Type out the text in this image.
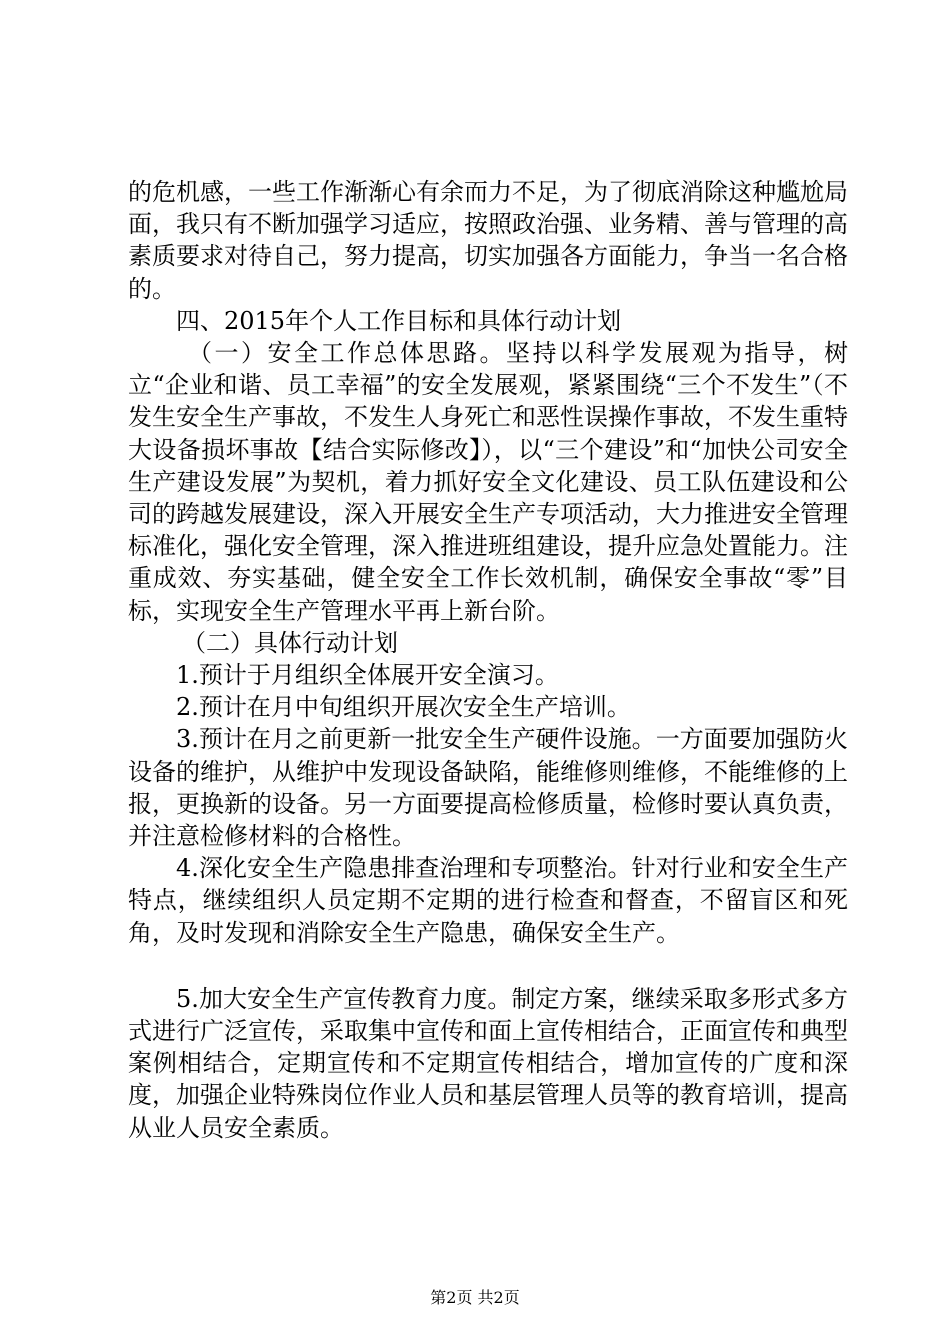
的危机感，一些工作渐渐心有余而力不足，为了彻底消除这种尴尬局面，我只有不断加强学习适应，按照政治强、业务精、善与管理的高素质要求对待自己，努力提高，切实加强各方面能力，争当一名合格的。

四、2015年个人工作目标和具体行动计划

（一）安全工作总体思路。坚持以科学发展观为指导，树立“企业和谐、员工幸福”的安全发展观，紧紧围绕“三个不发生”（不发生安全生产事故，不发生人身死亡和恶性误操作事故，不发生重特大设备损坏事故【结合实际修改】），以“三个建设”和“加快公司安全生产建设发展”为契机，着力抓好安全文化建设、员工队伍建设和公司的跨越发展建设，深入开展安全生产专项活动，大力推进安全管理标准化，强化安全管理，深入推进班组建设，提升应急处置能力。注重成效、夯实基础，健全安全工作长效机制，确保安全事故“零”目标，实现安全生产管理水平再上新台阶。

（二）具体行动计划

1.预计于月组织全体展开安全演习。

2.预计在月中旬组织开展次安全生产培训。

3.预计在月之前更新一批安全生产硬件设施。一方面要加强防火设备的维护，从维护中发现设备缺陷，能维修则维修，不能维修的上报，更换新的设备。另一方面要提高检修质量，检修时要认真负责，并注意检修材料的合格性。

4.深化安全生产隐患排查治理和专项整治。针对行业和安全生产特点，继续组织人员定期不定期的进行检查和督查，不留盲区和死角，及时发现和消除安全生产隐患，确保安全生产。

5.加大安全生产宣传教育力度。制定方案，继续采取多形式多方式进行广泛宣传，采取集中宣传和面上宣传相结合，正面宣传和典型案例相结合，定期宣传和不定期宣传相结合，增加宣传的广度和深度，加强企业特殊岗位作业人员和基层管理人员等的教育培训，提高从业人员安全素质。

第2页 共2页
